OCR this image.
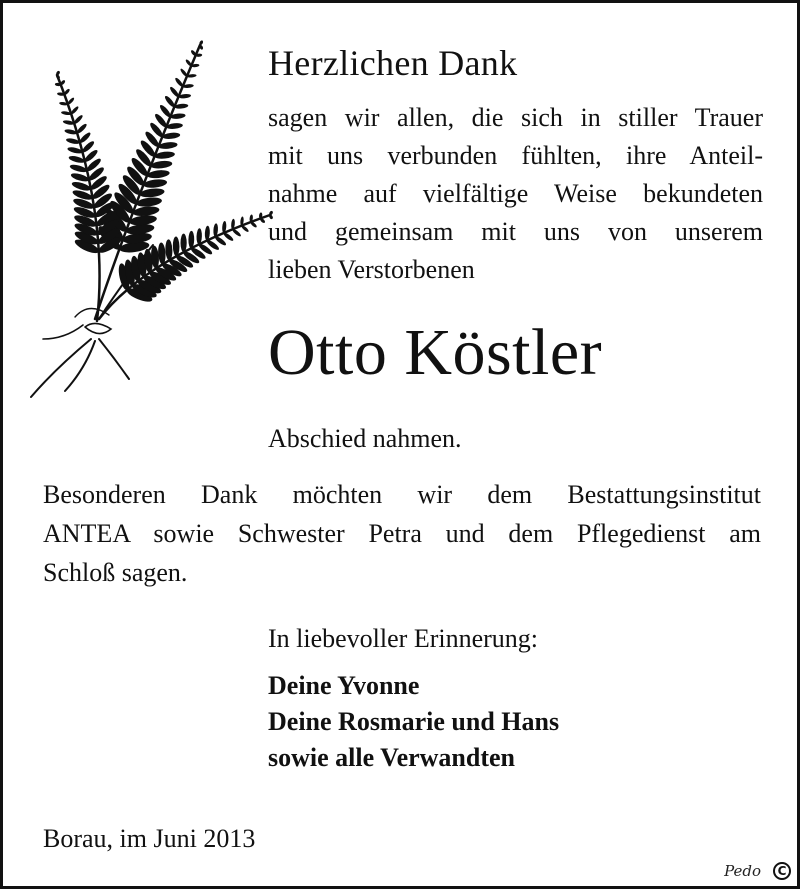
Herzlichen Dank
sagen wir allen, die sich in stiller Trauer
mit uns verbunden fühlten, ihre Anteil-
nahme auf vielfältige Weise bekundeten
und gemeinsam mit uns von unserem
lieben Verstorbenen
Otto Köstler
Abschied nahmen.
Besonderen Dank möchten wir dem Bestattungsinstitut
ANTEA sowie Schwester Petra und dem Pflegedienst am
Schloß sagen.
In liebevoller Erinnerung:
Deine Yvonne
Deine Rosmarie und Hans
sowie alle Verwandten
Borau, im Juni 2013
Pedo	C
